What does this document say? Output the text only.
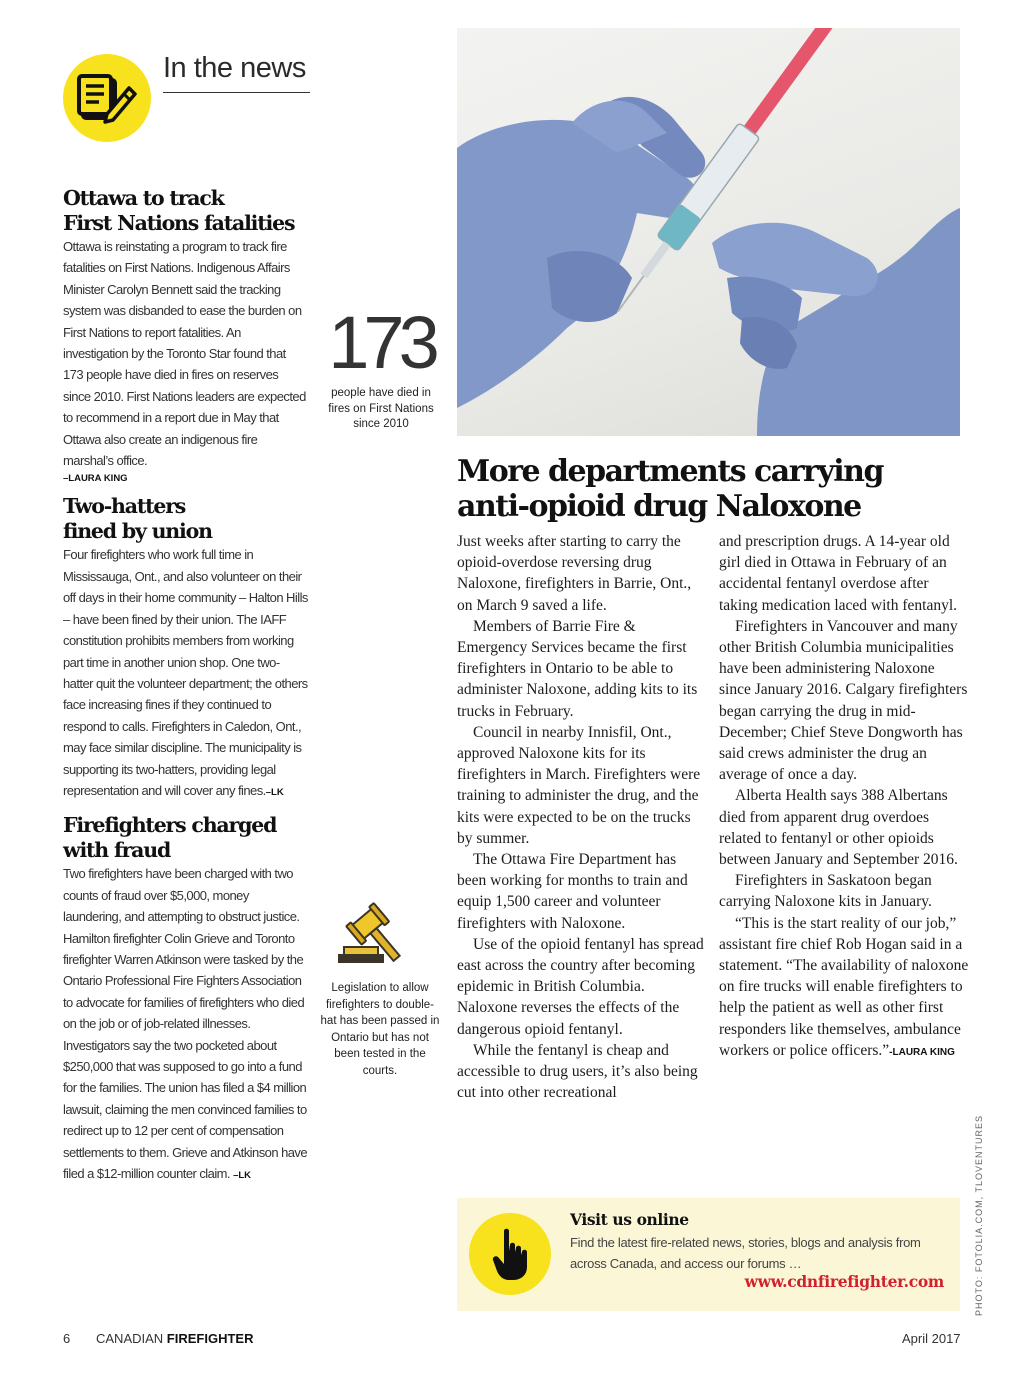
In the news
Ottawa to track
First Nations fatalities

Ottawa is reinstating a program to track fire fatalities on First Nations. Indigenous Affairs Minister Carolyn Bennett said the tracking system was disbanded to ease the burden on First Nations to report fatalities. An investigation by the Toronto Star found that 173 people have died in fires on reserves since 2010. First Nations leaders are expected to recommend in a report due in May that Ottawa also create an indigenous fire marshal’s office.

–LAURA KING
Two-hatters
fined by union

Four firefighters who work full time in Mississauga, Ont., and also volunteer on their off days in their home community – Halton Hills – have been fined by their union. The IAFF constitution prohibits members from working part time in another union shop. One two-hatter quit the volunteer department; the others face increasing fines if they continued to respond to calls. Firefighters in Caledon, Ont., may face similar discipline. The municipality is supporting its two-hatters, providing legal representation and will cover any fines.–LK

Firefighters charged
with fraud

Two firefighters have been charged with two counts of fraud over $5,000, money laundering, and attempting to obstruct justice. Hamilton firefighter Colin Grieve and Toronto firefighter Warren Atkinson were tasked by the Ontario Professional Fire Fighters Association to advocate for families of firefighters who died on the job or of job-related illnesses. Investigators say the two pocketed about $250,000 that was supposed to go into a fund for the families. The union has filed a $4 million lawsuit, claiming the men convinced families to redirect up to 12 per cent of compensation settlements to them. Grieve and Atkinson have filed a $12-million counter claim. –LK

173
people have died in fires on First Nations since 2010
Legislation to allow firefighters to double-hat has been passed in Ontario but has not been tested in the courts.
PHOTO: FOTOLIA.COM, TLOVENTURES
More departments carrying
anti-opioid drug Naloxone

Just weeks after starting to carry the opioid-overdose reversing drug Naloxone, firefighters in Barrie, Ont., on March 9 saved a life.

Members of Barrie Fire & Emergency Services became the first firefighters in Ontario to be able to administer Naloxone, adding kits to its trucks in February.

Council in nearby Innisfil, Ont., approved Naloxone kits for its firefighters in March. Firefighters were training to administer the drug, and the kits were expected to be on the trucks by summer.

The Ottawa Fire Department has been working for months to train and equip 1,500 career and volunteer firefighters with Naloxone.

Use of the opioid fentanyl has spread east across the country after becoming epidemic in British Columbia. Naloxone reverses the effects of the dangerous opioid fentanyl.

While the fentanyl is cheap and accessible to drug users, it’s also being cut into other recreational

and prescription drugs. A 14-year old girl died in Ottawa in February of an accidental fentanyl overdose after taking medication laced with fentanyl.

Firefighters in Vancouver and many other British Columbia municipalities have been administering Naloxone since January 2016. Calgary firefighters began carrying the drug in mid-December; Chief Steve Dongworth has said crews administer the drug an average of once a day.

Alberta Health says 388 Albertans died from apparent drug overdoes related to fentanyl or other opioids between January and September 2016.

Firefighters in Saskatoon began carrying Naloxone kits in January.

“This is the start reality of our job,” assistant fire chief Rob Hogan said in a statement. “The availability of naloxone on fire trucks will enable firefighters to help the patient as well as other first responders like themselves, ambulance workers or police officers.”-LAURA KING

Visit us online
Find the latest fire-related news, stories, blogs and analysis from across Canada, and access our forums …
www.cdnfirefighter.com
6 CANADIAN FIREFIGHTER	April 2017
